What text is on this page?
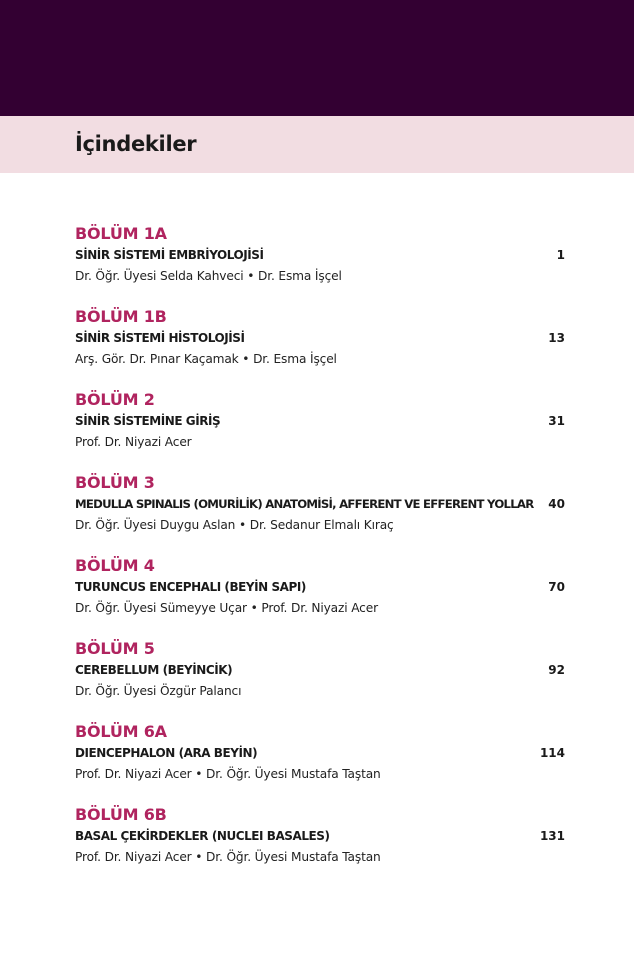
İçindekiler
BÖLÜM 1A
SİNİR SİSTEMİ EMBRİYOLOJİSİ	1
Dr. Öğr. Üyesi Selda Kahveci • Dr. Esma İşçel
BÖLÜM 1B
SİNİR SİSTEMİ HİSTOLOJİSİ	13
Arş. Gör. Dr. Pınar Kaçamak • Dr. Esma İşçel
BÖLÜM 2
SİNİR SİSTEMİNE GİRİŞ	31
Prof. Dr. Niyazi Acer
BÖLÜM 3
MEDULLA SPINALIS (OMURİLİK) ANATOMİSİ, AFFERENT VE EFFERENT YOLLAR 40
Dr. Öğr. Üyesi Duygu Aslan • Dr. Sedanur Elmalı Kıraç
BÖLÜM 4
TURUNCUS ENCEPHALI (BEYİN SAPI)	70
Dr. Öğr. Üyesi Sümeyye Uçar • Prof. Dr. Niyazi Acer
BÖLÜM 5
CEREBELLUM (BEYİNCİK)	92
Dr. Öğr. Üyesi Özgür Palancı
BÖLÜM 6A
DIENCEPHALON (ARA BEYİN)	114
Prof. Dr. Niyazi Acer • Dr. Öğr. Üyesi Mustafa Taştan
BÖLÜM 6B
BASAL ÇEKİRDEKLER (NUCLEI BASALES)	131
Prof. Dr. Niyazi Acer • Dr. Öğr. Üyesi Mustafa Taştan
